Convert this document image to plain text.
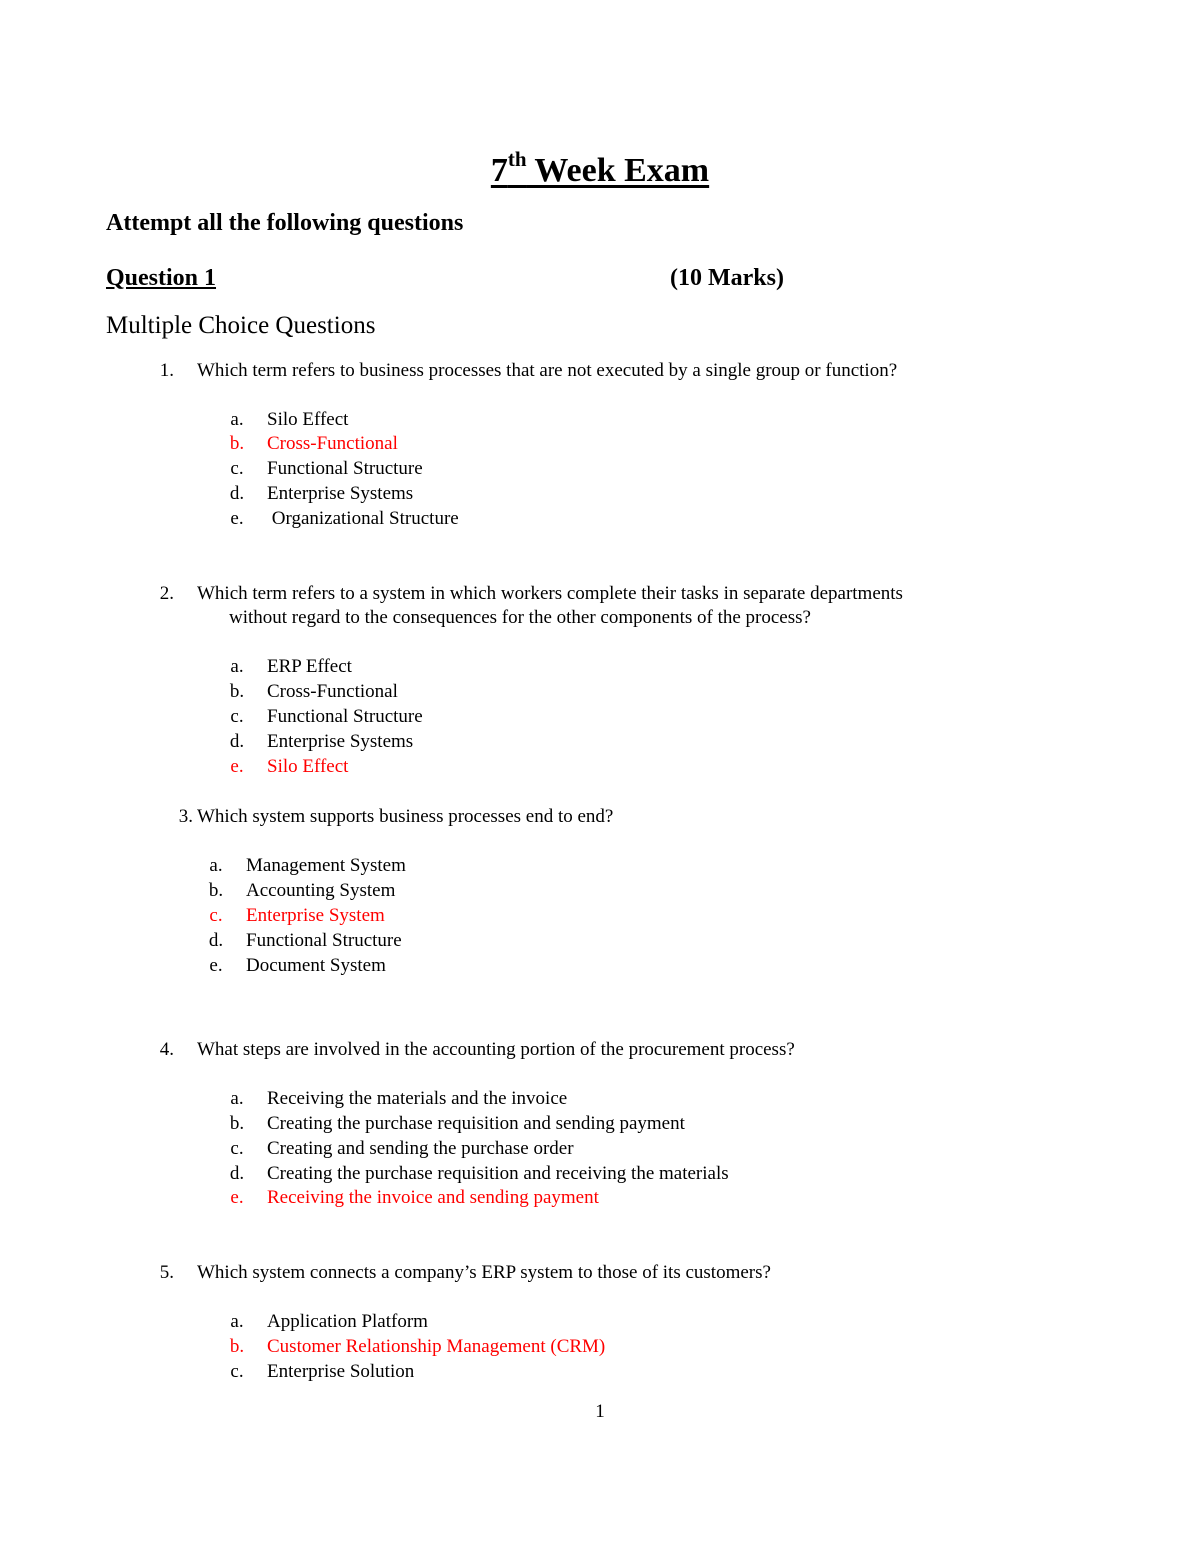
7th Week Exam
Attempt all the following questions
Question 1	(10 Marks)
Multiple Choice Questions
1. Which term refers to business processes that are not executed by a single group or function?
a. Silo Effect
b. Cross-Functional
c. Functional Structure
d. Enterprise Systems
e. Organizational Structure
2. Which term refers to a system in which workers complete their tasks in separate departments
without regard to the consequences for the other components of the process?
a. ERP Effect
b. Cross-Functional
c. Functional Structure
d. Enterprise Systems
e. Silo Effect
3. Which system supports business processes end to end?
a. Management System
b. Accounting System
c. Enterprise System
d. Functional Structure
e. Document System
4. What steps are involved in the accounting portion of the procurement process?
a. Receiving the materials and the invoice
b. Creating the purchase requisition and sending payment
c. Creating and sending the purchase order
d. Creating the purchase requisition and receiving the materials
e. Receiving the invoice and sending payment
5. Which system connects a company’s ERP system to those of its customers?
a. Application Platform
b. Customer Relationship Management (CRM)
c. Enterprise Solution
1
